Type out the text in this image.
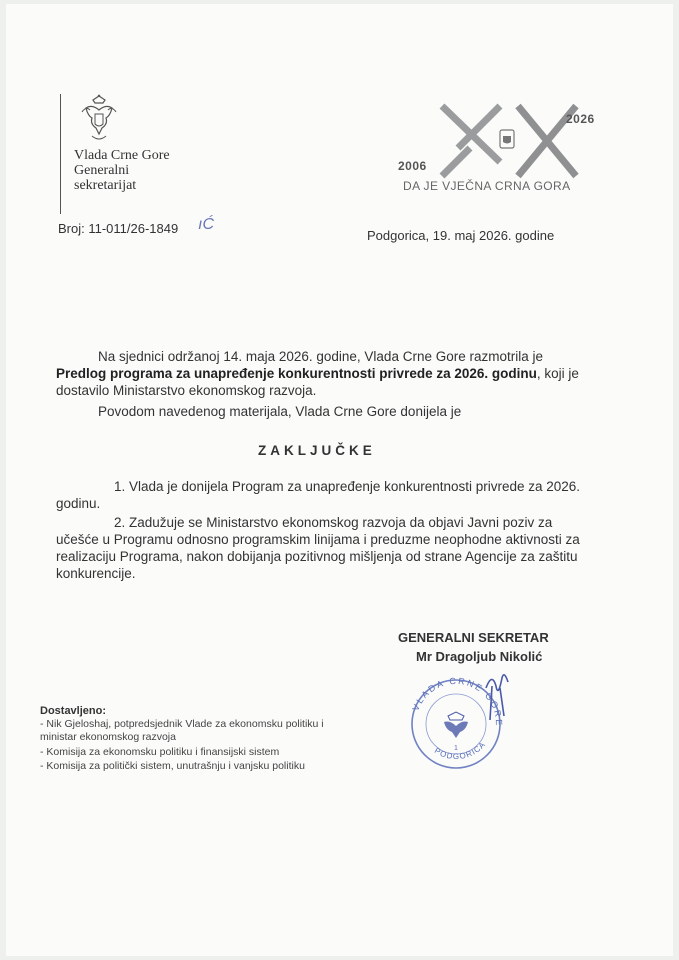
Vlada Crne Gore
Generalni
sekretarijat
2026
2006
DA JE VJEČNA CRNA GORA
Broj: 11-011/26-1849 ıĆ
Podgorica, 19. maj 2026. godine
Na sjednici održanoj 14. maja 2026. godine, Vlada Crne Gore razmotrila je Predlog programa za unapređenje konkurentnosti privrede za 2026. godinu, koji je dostavilo Ministarstvo ekonomskog razvoja.
Povodom navedenog materijala, Vlada Crne Gore donijela je
ZAKLJUČKE
1. Vlada je donijela Program za unapređenje konkurentnosti privrede za 2026. godinu.
2. Zadužuje se Ministarstvo ekonomskog razvoja da objavi Javni poziv za učešće u Programu odnosno programskim linijama i preduzme neophodne aktivnosti za realizaciju Programa, nakon dobijanja pozitivnog mišljenja od strane Agencije za zaštitu konkurencije.
GENERALNI SEKRETAR
Mr Dragoljub Nikolić
VLADA CRNE GORE
PODGORICA
1
Dostavljeno:
- Nik Gjeloshaj, potpredsjednik Vlade za ekonomsku politiku i ministar ekonomskog razvoja
- Komisija za ekonomsku politiku i finansijski sistem
- Komisija za politički sistem, unutrašnju i vanjsku politiku
